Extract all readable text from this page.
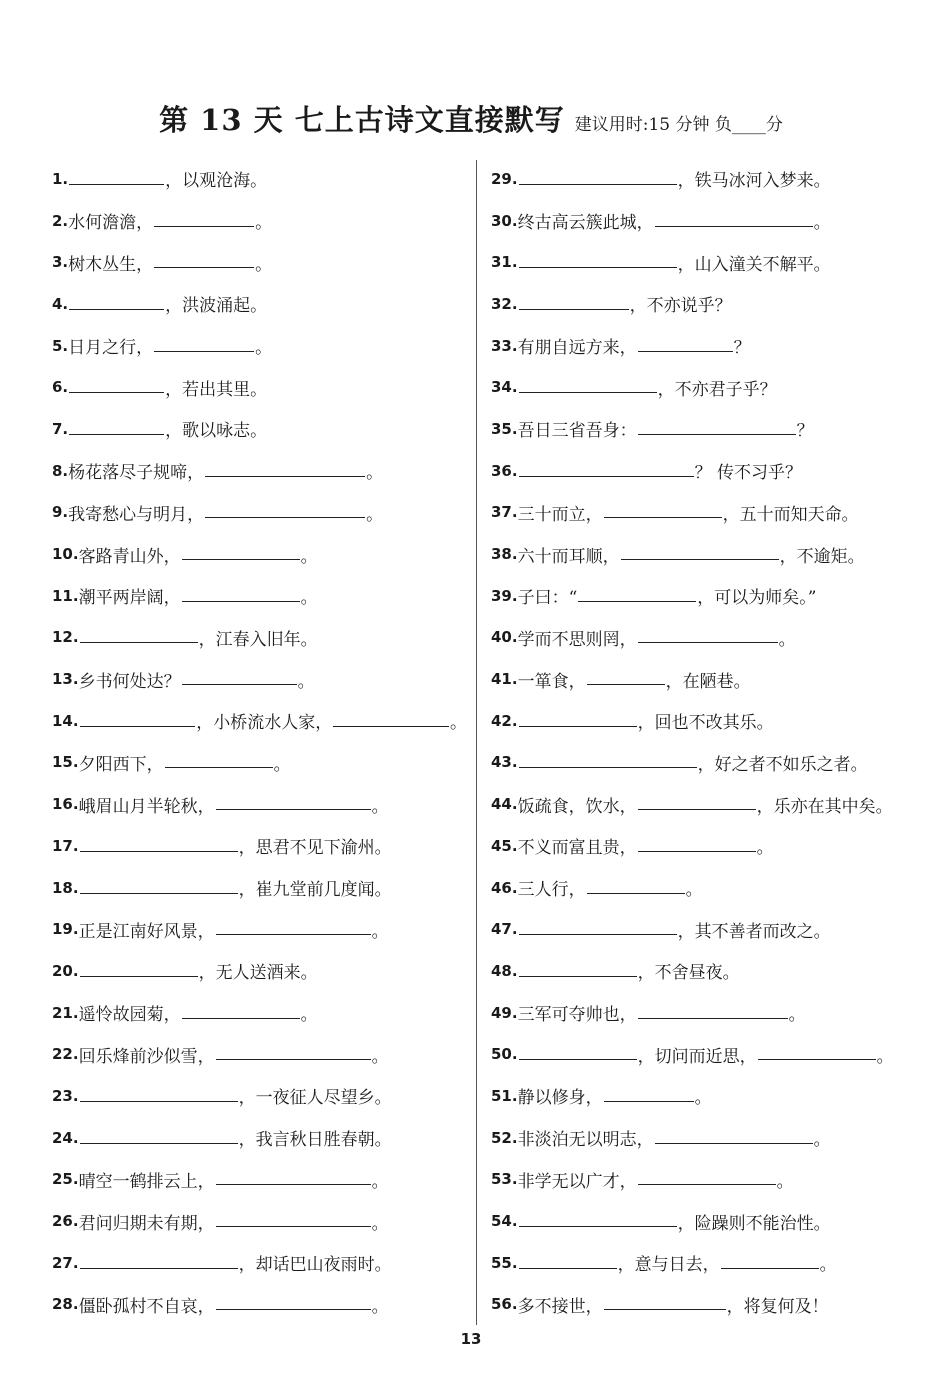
第 13 天 七上古诗文直接默写 建议用时:15 分钟 负____分
1.	，以观沧海。
2. 水何澹澹，	。
3. 树木丛生，	。
4.	，洪波涌起。
5. 日月之行，	。
6.	，若出其里。
7.	，歌以咏志。
8. 杨花落尽子规啼，	。
9. 我寄愁心与明月，	。
10. 客路青山外，	。
11. 潮平两岸阔，	。
12.	，江春入旧年。
13. 乡书何处达？	。
14.	，小桥流水人家，	。
15. 夕阳西下，	。
16. 峨眉山月半轮秋，	。
17.	，思君不见下渝州。
18.	，崔九堂前几度闻。
19. 正是江南好风景，	。
20.	，无人送酒来。
21. 遥怜故园菊，	。
22. 回乐烽前沙似雪，	。
23.	，一夜征人尽望乡。
24.	，我言秋日胜春朝。
25. 晴空一鹤排云上，	。
26. 君问归期未有期，	。
27.	，却话巴山夜雨时。
28. 僵卧孤村不自哀，	。
29.	，铁马冰河入梦来。
30. 终古高云簇此城，	。
31.	，山入潼关不解平。
32.	，不亦说乎？
33. 有朋自远方来，	？
34.	，不亦君子乎？
35. 吾日三省吾身：	？
36.	？ 传不习乎？
37. 三十而立，	，五十而知天命。
38. 六十而耳顺，	，不逾矩。
39. 子曰：“	，可以为师矣。”
40. 学而不思则罔，	。
41. 一箪食，	，在陋巷。
42.	，回也不改其乐。
43.	，好之者不如乐之者。
44. 饭疏食，饮水，	，乐亦在其中矣。
45. 不义而富且贵，	。
46. 三人行，	。
47.	，其不善者而改之。
48.	，不舍昼夜。
49. 三军可夺帅也，	。
50.	，切问而近思，	。
51. 静以修身，	。
52. 非淡泊无以明志，	。
53. 非学无以广才，	。
54.	，险躁则不能治性。
55.	，意与日去，	。
56. 多不接世，	，将复何及！
13
